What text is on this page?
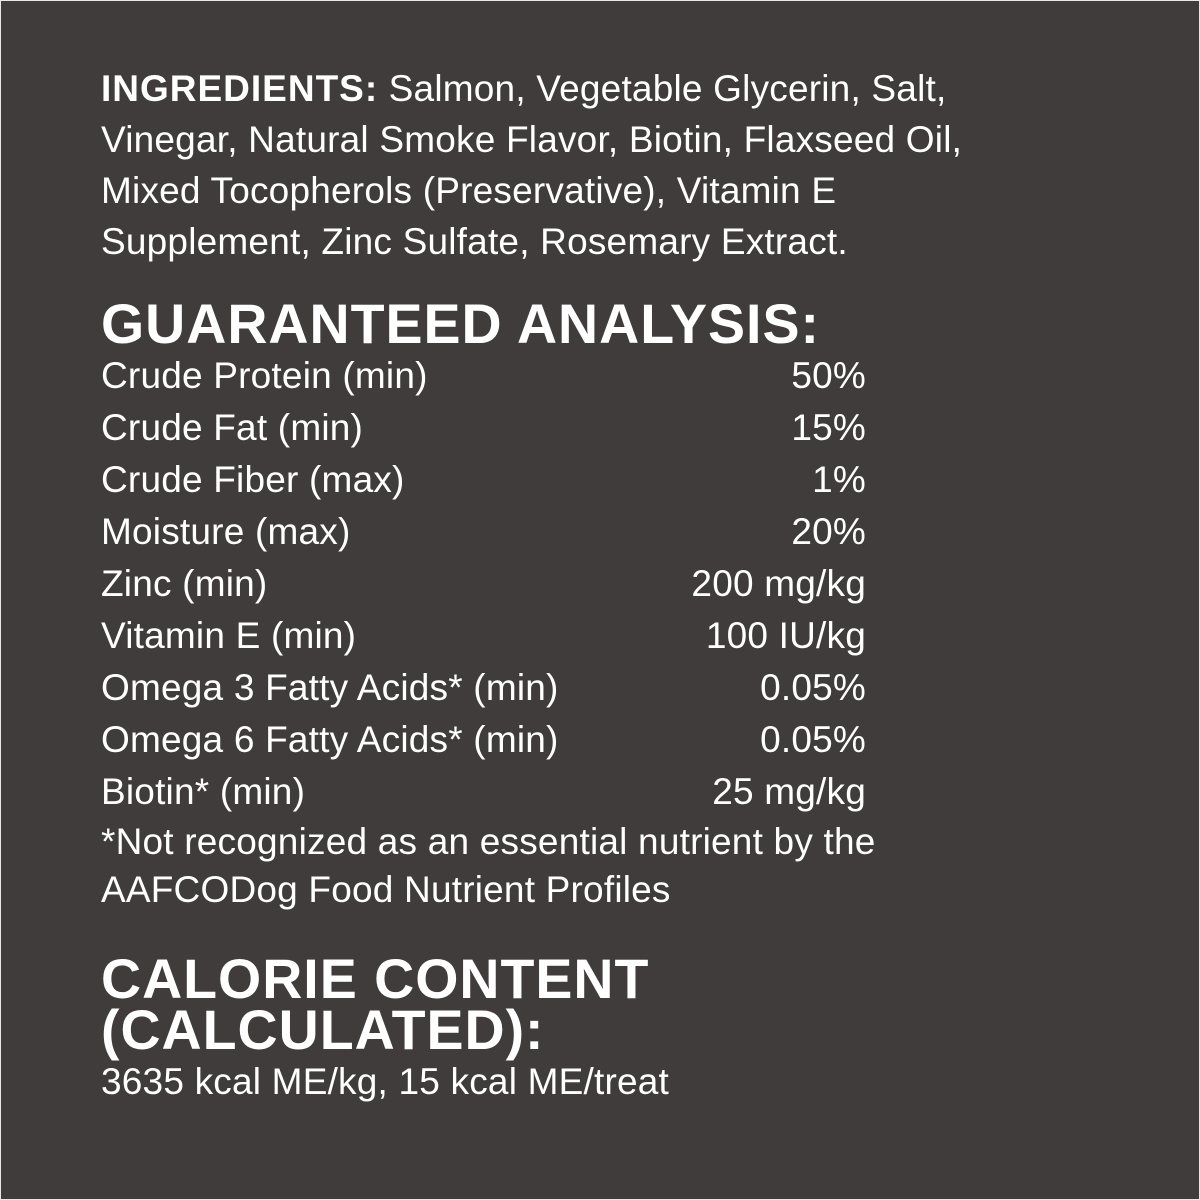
INGREDIENTS: Salmon, Vegetable Glycerin, Salt, Vinegar, Natural Smoke Flavor, Biotin, Flaxseed Oil, Mixed Tocopherols (Preservative), Vitamin E Supplement, Zinc Sulfate, Rosemary Extract.

GUARANTEED ANALYSIS:
Crude Protein (min)	50%
Crude Fat (min)	15%
Crude Fiber (max)	1%
Moisture (max)	20%
Zinc (min)	200 mg/kg
Vitamin E (min)	100 IU/kg
Omega 3 Fatty Acids* (min)	0.05%
Omega 6 Fatty Acids* (min)	0.05%
Biotin* (min)	25 mg/kg

*Not recognized as an essential nutrient by the AAFCODog Food Nutrient Profiles

CALORIE CONTENT (CALCULATED):

3635 kcal ME/kg, 15 kcal ME/treat
